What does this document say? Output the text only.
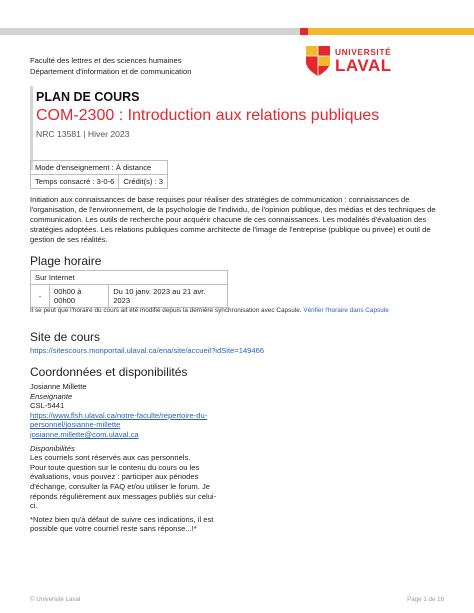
Faculté des lettres et des sciences humaines
Département d'information et de communication
UNIVERSITÉ
LAVAL
PLAN DE COURS
COM-2300 : Introduction aux relations publiques
NRC 13581 | Hiver 2023
Mode d'enseignement : À distance
Temps consacré : 3-0-6	Crédit(s) : 3
Initiation aux connaissances de base requises pour réaliser des stratégies de communication : connaissances de l'organisation, de l'environnement, de la psychologie de l'individu, de l'opinion publique, des médias et des techniques de communication. Les outils de recherche pour acquérir chacune de ces connaissances. Les modalités d'évaluation des stratégies adoptées. Les relations publiques comme architecte de l'image de l'entreprise (publique ou privée) et outil de gestion de ses réalités.
Plage horaire
Sur Internet
-	00h00 à 00h00	Du 10 janv. 2023 au 21 avr. 2023
Il se peut que l'horaire du cours ait été modifié depuis la dernière synchronisation avec Capsule. Vérifier l'horaire dans Capsule
Site de cours
https://sitescours.monportail.ulaval.ca/ena/site/accueil?idSite=149466
Coordonnées et disponibilités
Josianne Millette
Enseignante
CSL-5441
https://www.flsh.ulaval.ca/notre-faculte/repertoire-du-
personnel/josianne-millette
josianne.millette@com.ulaval.ca
Disponibilités
Les courriels sont réservés aux cas personnels.
Pour toute question sur le contenu du cours ou les
évaluations, vous pouvez : participer aux périodes
d'échange, consulter la FAQ et/ou utiliser le forum. Je
réponds régulièrement aux messages publiés sur celui-
ci.
*Notez bien qu'à défaut de suivre ces indications, il est
possible que votre courriel reste sans réponse...!*
© Université Laval	Page 1 de 16
